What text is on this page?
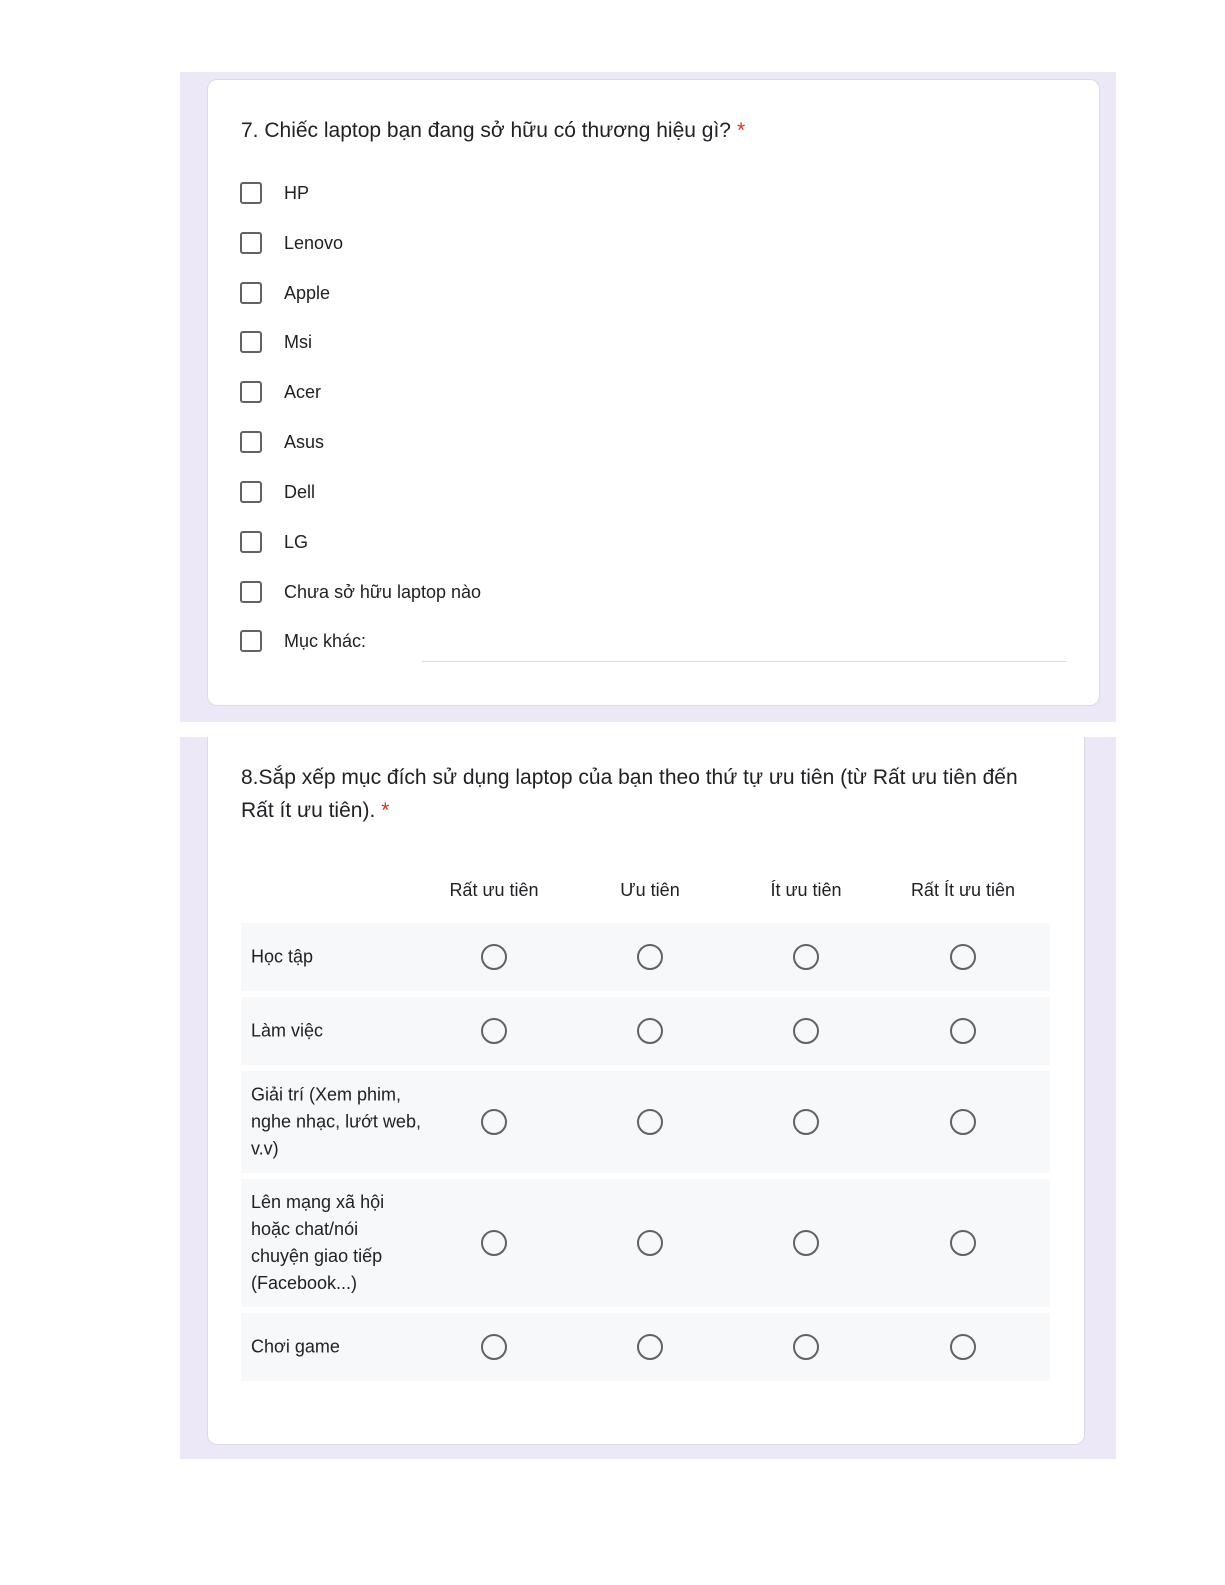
7. Chiếc laptop bạn đang sở hữu có thương hiệu gì? *
HP
Lenovo
Apple
Msi
Acer
Asus
Dell
LG
Chưa sở hữu laptop nào
Mục khác:
8.Sắp xếp mục đích sử dụng laptop của bạn theo thứ tự ưu tiên (từ Rất ưu tiên đến Rất ít ưu tiên). *
Rất ưu tiên	Ưu tiên	Ít ưu tiên	Rất Ít ưu tiên
Học tập
Làm việc
Giải trí (Xem phim, nghe nhạc, lướt web, v.v)
Lên mạng xã hội hoặc chat/nói chuyện giao tiếp (Facebook...)
Chơi game
